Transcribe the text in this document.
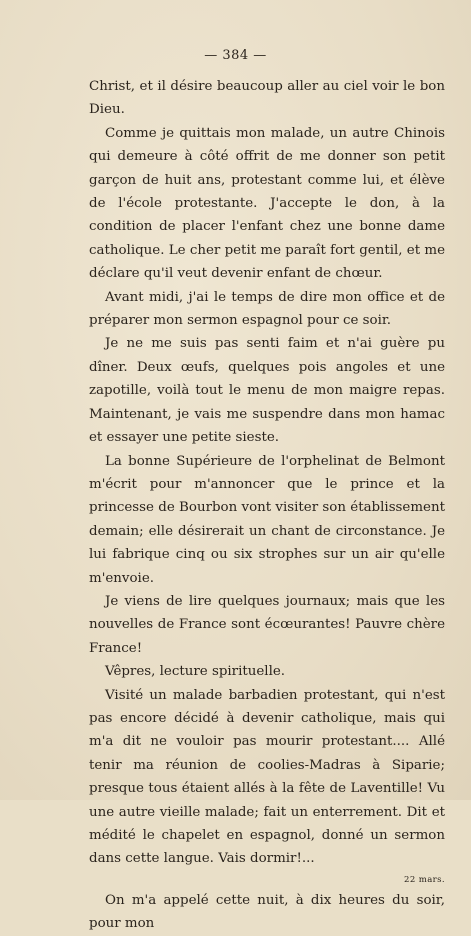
— 384 —

Christ, et il désire beaucoup aller au ciel voir le bon Dieu.

Comme je quittais mon malade, un autre Chinois qui demeure à côté offrit de me donner son petit garçon de huit ans, protestant comme lui, et élève de l'école protestante. J'accepte le don, à la condition de placer l'enfant chez une bonne dame catholique. Le cher petit me paraît fort gentil, et me déclare qu'il veut devenir enfant de chœur.

Avant midi, j'ai le temps de dire mon office et de préparer mon sermon espagnol pour ce soir.

Je ne me suis pas senti faim et n'ai guère pu dîner. Deux œufs, quelques pois angoles et une zapotille, voilà tout le menu de mon maigre repas. Maintenant, je vais me suspendre dans mon hamac et essayer une petite sieste.

La bonne Supérieure de l'orphelinat de Belmont m'écrit pour m'annoncer que le prince et la princesse de Bourbon vont visiter son établissement demain; elle désirerait un chant de circonstance. Je lui fabrique cinq ou six strophes sur un air qu'elle m'envoie.

Je viens de lire quelques journaux; mais que les nouvelles de France sont écœurantes! Pauvre chère France!

Vêpres, lecture spirituelle.

Visité un malade barbadien protestant, qui n'est pas encore décidé à devenir catholique, mais qui m'a dit ne vouloir pas mourir protestant.... Allé tenir ma réunion de coolies-Madras à Siparie; presque tous étaient allés à la fête de Laventille! Vu une autre vieille malade; fait un enterrement. Dit et médité le chapelet en espagnol, donné un sermon dans cette langue. Vais dormir!...

22 mars.

On m'a appelé cette nuit, à dix heures du soir, pour mon
